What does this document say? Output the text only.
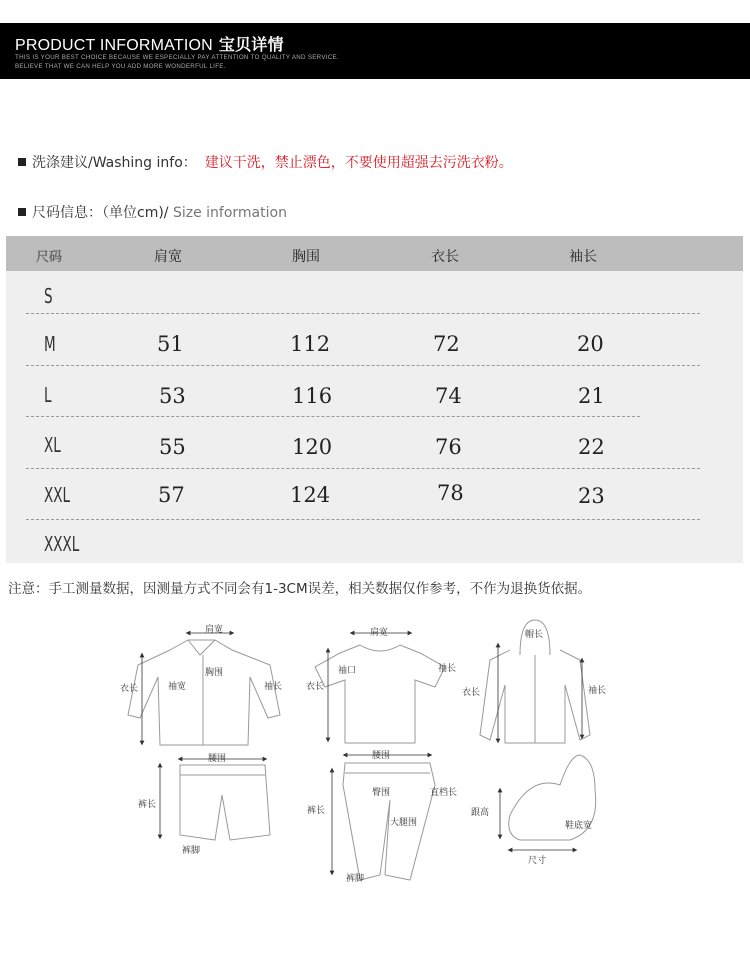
PRODUCT INFORMATION 宝贝详情
THIS IS YOUR BEST CHOICE BECAUSE WE ESPECIALLY PAY ATTENTION TO QUALITY AND SERVICE.
BELIEVE THAT WE CAN HELP YOU ADD MORE WONDERFUL LIFE.
洗涤建议/Washing info： 建议干洗，禁止漂色，不要使用超强去污洗衣粉。
尺码信息：（单位cm)/ Size information
尺码	肩宽	胸围	衣长	袖长
S
M	51	112	72	20
L	53	116	74	21
XL	55	120	76	22
XXL	57	124	78	23
XXXL
注意：手工测量数据，因测量方式不同会有1-3CM误差，相关数据仅作参考，不作为退换货依据。
肩宽
胸围
衣长	袖宽	袖长
肩宽
袖口
衣长
袖长
帽长
衣长	袖长
腰围
裤长
裤脚
腰围
臀围	直档长
大腿围
裤长
裤脚
跟高
鞋底宽
尺寸
